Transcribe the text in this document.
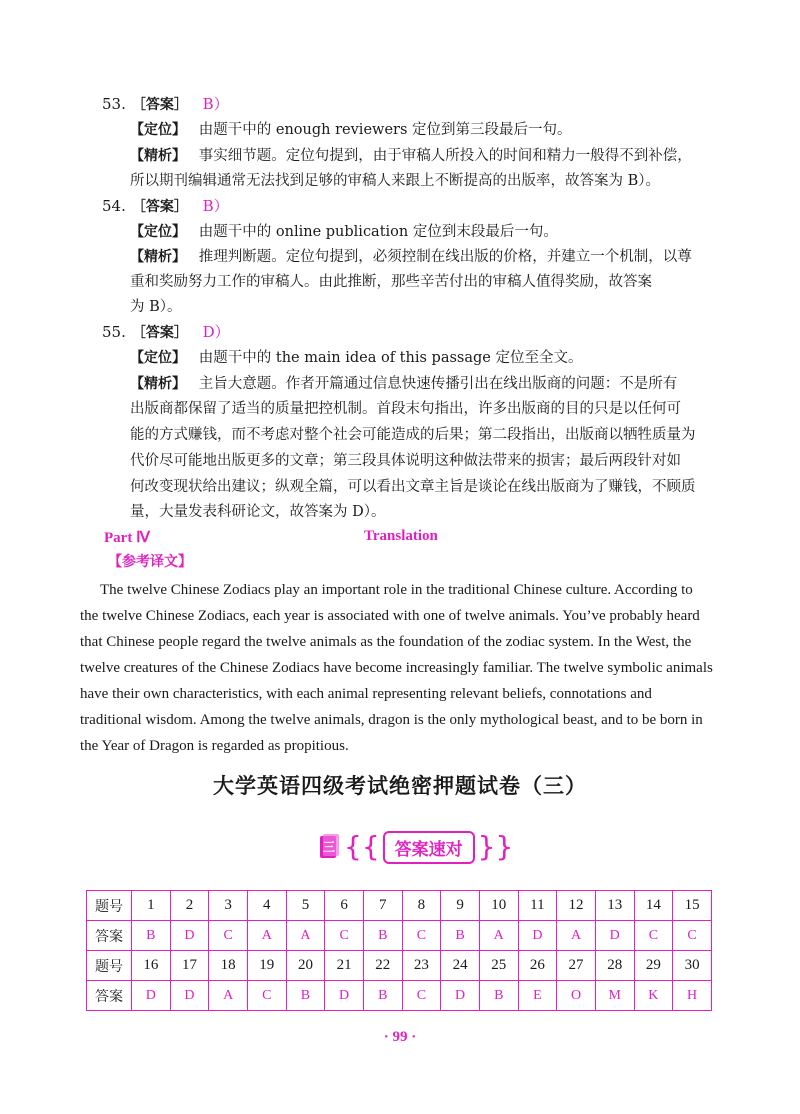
53. ［答案］ B）
【定位】 由题干中的 enough reviewers 定位到第三段最后一句。
【精析】 事实细节题。定位句提到，由于审稿人所投入的时间和精力一般得不到补偿，
所以期刊编辑通常无法找到足够的审稿人来跟上不断提高的出版率，故答案为 B）。
54. ［答案］ B）
【定位】 由题干中的 online publication 定位到末段最后一句。
【精析】 推理判断题。定位句提到，必须控制在线出版的价格，并建立一个机制，以尊
重和奖励努力工作的审稿人。由此推断，那些辛苦付出的审稿人值得奖励，故答案
为 B）。
55. ［答案］ D）
【定位】 由题干中的 the main idea of this passage 定位至全文。
【精析】 主旨大意题。作者开篇通过信息快速传播引出在线出版商的问题：不是所有
出版商都保留了适当的质量把控机制。首段末句指出，许多出版商的目的只是以任何可
能的方式赚钱，而不考虑对整个社会可能造成的后果；第二段指出，出版商以牺牲质量为
代价尽可能地出版更多的文章；第三段具体说明这种做法带来的损害；最后两段针对如
何改变现状给出建议；纵观全篇，可以看出文章主旨是谈论在线出版商为了赚钱，不顾质
量，大量发表科研论文，故答案为 D）。
Part Ⅳ	Translation
【参考译文】
The twelve Chinese Zodiacs play an important role in the traditional Chinese culture. According to
the twelve Chinese Zodiacs, each year is associated with one of twelve animals. You’ve probably heard
that Chinese people regard the twelve animals as the foundation of the zodiac system. In the West, the
twelve creatures of the Chinese Zodiacs have become increasingly familiar. The twelve symbolic animals
have their own characteristics, with each animal representing relevant beliefs, connotations and
traditional wisdom. Among the twelve animals, dragon is the only mythological beast, and to be born in
the Year of Dragon is regarded as propitious.
大学英语四级考试绝密押题试卷（三）
三 {{ 答案速对 }}
题号	1	2	3	4	5	6	7	8	9	10	11	12	13	14	15
答案	B	D	C	A	A	C	B	C	B	A	D	A	D	C	C
题号	16	17	18	19	20	21	22	23	24	25	26	27	28	29	30
答案	D	D	A	C	B	D	B	C	D	B	E	O	M	K	H
· 99 ·
